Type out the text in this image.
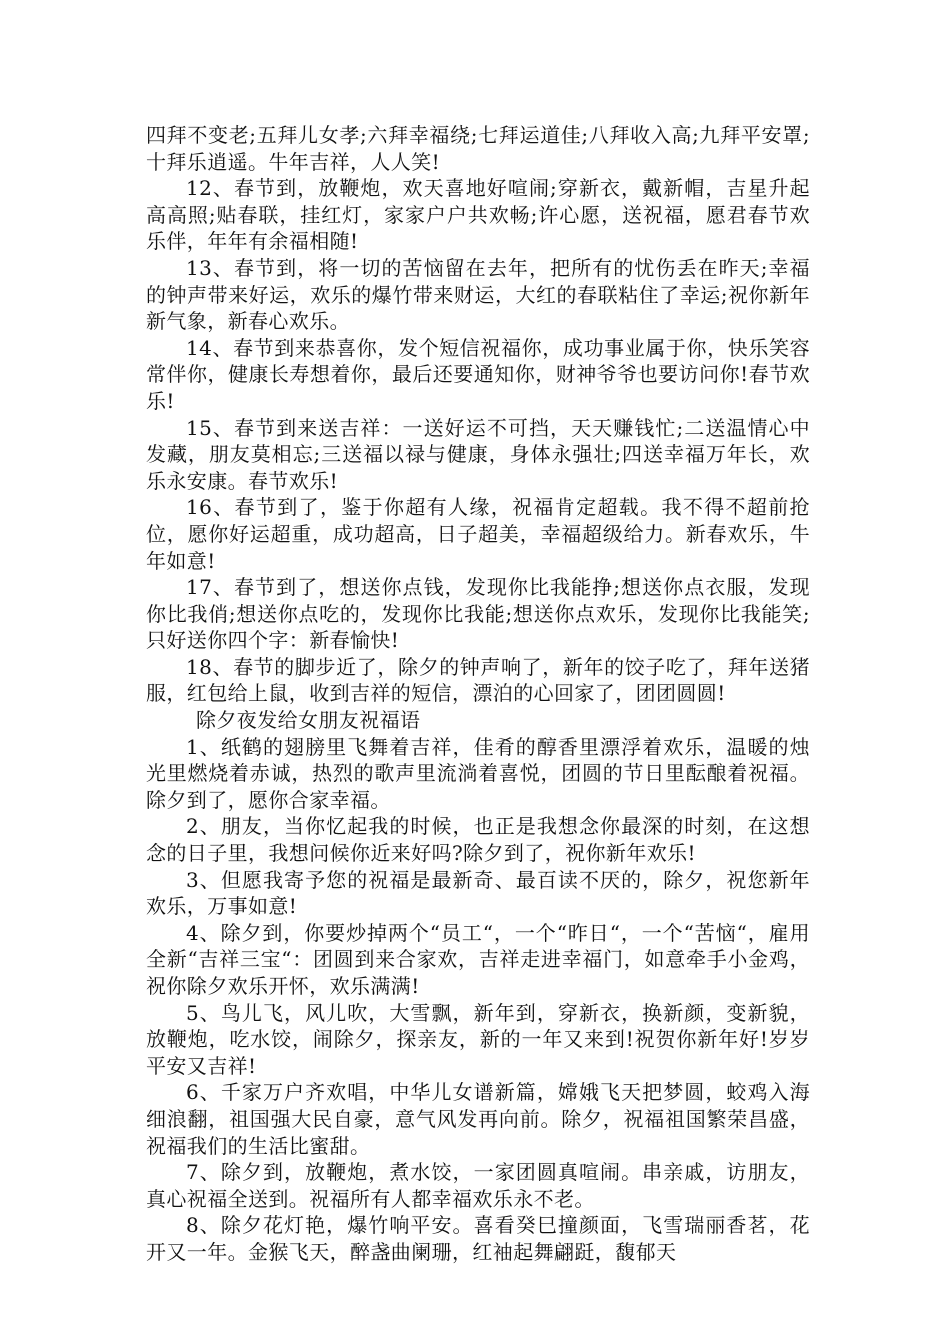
四拜不变老;五拜儿女孝;六拜幸福绕;七拜运道佳;八拜收入高;九拜平安罩;十拜乐逍遥。牛年吉祥，人人笑!

12、春节到，放鞭炮，欢天喜地好喧闹;穿新衣，戴新帽，吉星升起高高照;贴春联，挂红灯，家家户户共欢畅;许心愿，送祝福，愿君春节欢乐伴，年年有余福相随!

13、春节到，将一切的苦恼留在去年，把所有的忧伤丢在昨天;幸福的钟声带来好运，欢乐的爆竹带来财运，大红的春联粘住了幸运;祝你新年新气象，新春心欢乐。

14、春节到来恭喜你，发个短信祝福你，成功事业属于你，快乐笑容常伴你，健康长寿想着你，最后还要通知你，财神爷爷也要访问你!春节欢乐!

15、春节到来送吉祥：一送好运不可挡，天天赚钱忙;二送温情心中发藏，朋友莫相忘;三送福以禄与健康，身体永强壮;四送幸福万年长，欢乐永安康。春节欢乐!

16、春节到了，鉴于你超有人缘，祝福肯定超载。我不得不超前抢位，愿你好运超重，成功超高，日子超美，幸福超级给力。新春欢乐，牛年如意!

17、春节到了，想送你点钱，发现你比我能挣;想送你点衣服，发现你比我俏;想送你点吃的，发现你比我能;想送你点欢乐，发现你比我能笑;只好送你四个字：新春愉快!

18、春节的脚步近了，除夕的钟声响了，新年的饺子吃了，拜年送猪服，红包给上鼠，收到吉祥的短信，漂泊的心回家了，团团圆圆!

除夕夜发给女朋友祝福语

1、纸鹤的翅膀里飞舞着吉祥，佳肴的醇香里漂浮着欢乐，温暖的烛光里燃烧着赤诚，热烈的歌声里流淌着喜悦，团圆的节日里酝酿着祝福。除夕到了，愿你合家幸福。

2、朋友，当你忆起我的时候，也正是我想念你最深的时刻，在这想念的日子里，我想问候你近来好吗?除夕到了，祝你新年欢乐!

3、但愿我寄予您的祝福是最新奇、最百读不厌的，除夕，祝您新年欢乐，万事如意!

4、除夕到，你要炒掉两个“员工“，一个“昨日“，一个“苦恼“，雇用全新“吉祥三宝“：团圆到来合家欢，吉祥走进幸福门，如意牵手小金鸡，祝你除夕欢乐开怀，欢乐满满!

5、鸟儿飞，风儿吹，大雪飘，新年到，穿新衣，换新颜，变新貌，放鞭炮，吃水饺，闹除夕，探亲友，新的一年又来到!祝贺你新年好!岁岁平安又吉祥!

6、千家万户齐欢唱，中华儿女谱新篇，嫦娥飞天把梦圆，蛟鸡入海细浪翻，祖国强大民自豪，意气风发再向前。除夕，祝福祖国繁荣昌盛，祝福我们的生活比蜜甜。

7、除夕到，放鞭炮，煮水饺，一家团圆真喧闹。串亲戚，访朋友，真心祝福全送到。祝福所有人都幸福欢乐永不老。

8、除夕花灯艳，爆竹响平安。喜看癸巳撞颜面，飞雪瑞丽香茗，花开又一年。金猴飞天，醉盏曲阑珊，红袖起舞翩跹，馥郁天
